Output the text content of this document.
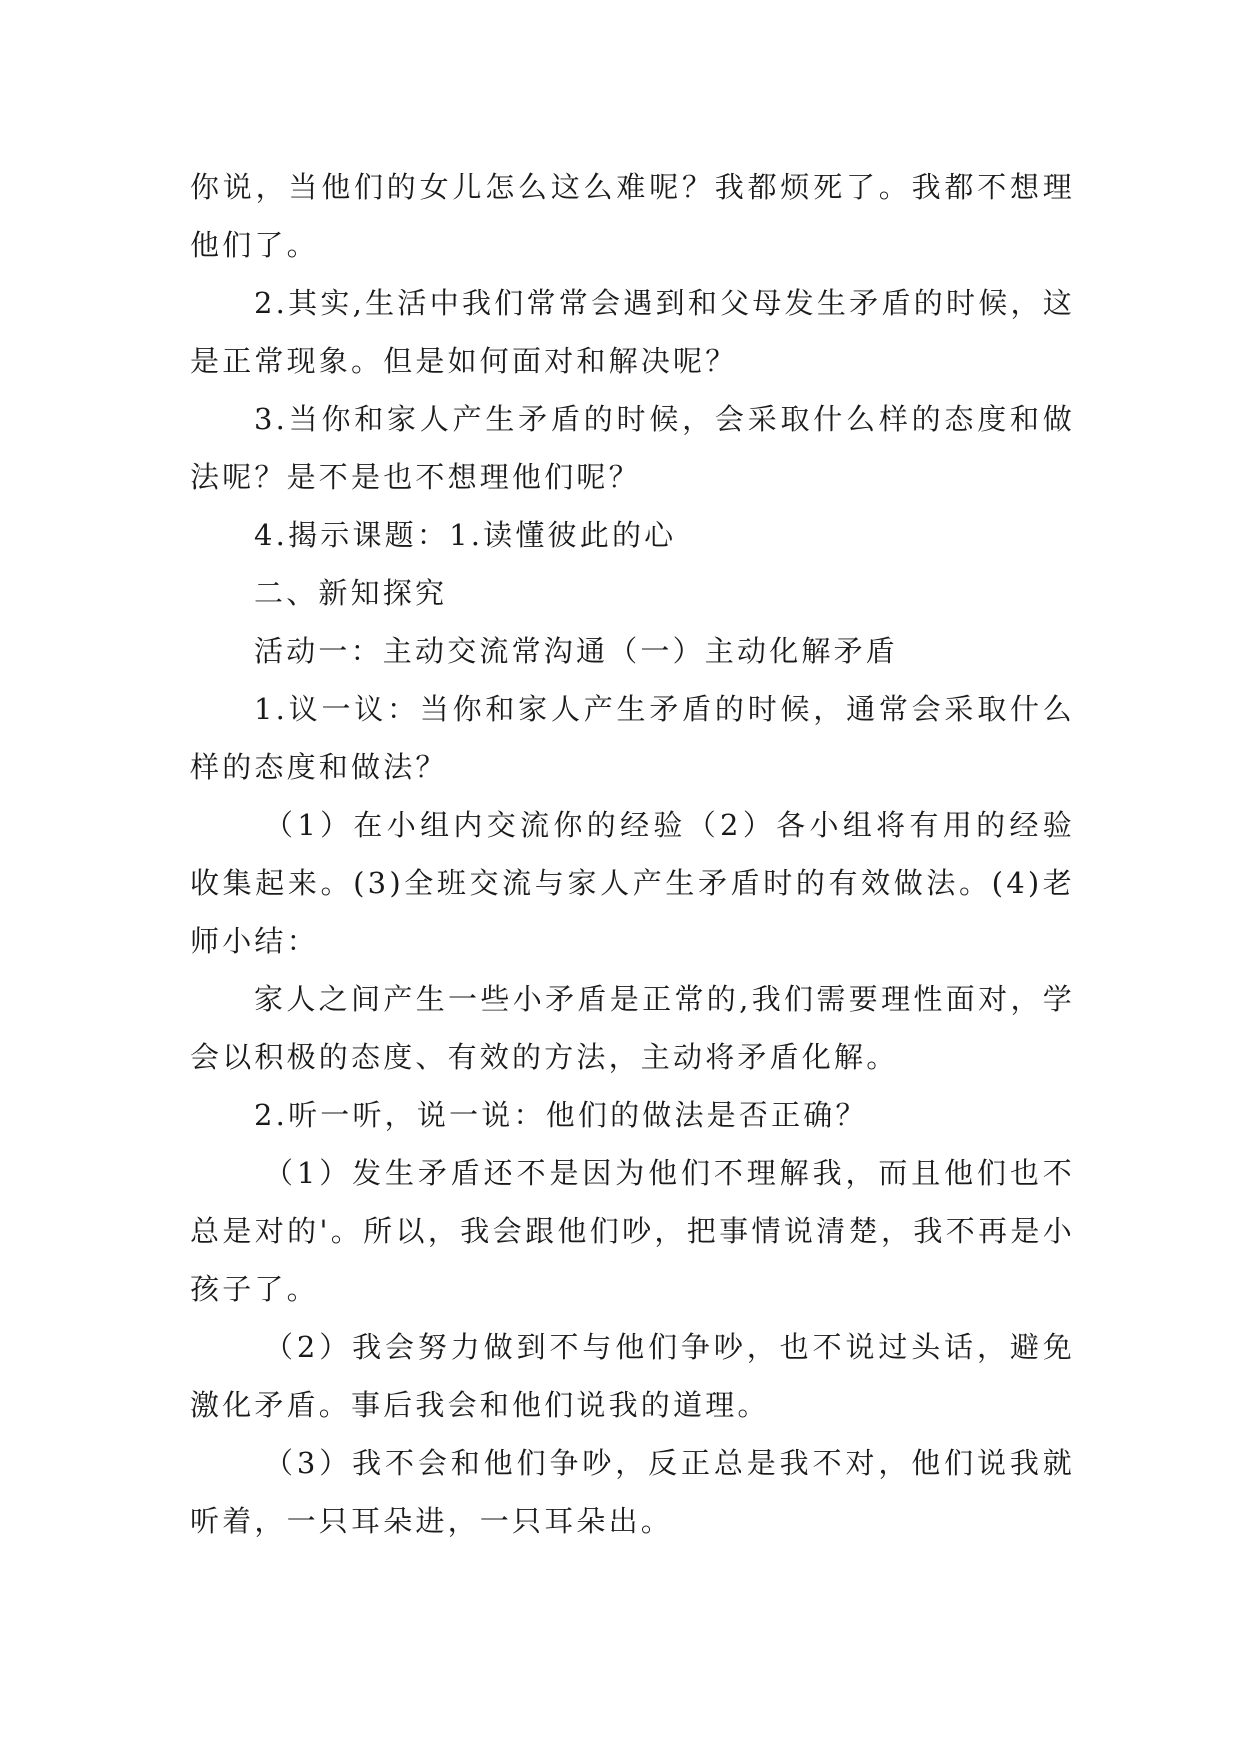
你说，当他们的女儿怎么这么难呢？我都烦死了。我都不想理他们了。

2.其实,生活中我们常常会遇到和父母发生矛盾的时候，这是正常现象。但是如何面对和解决呢？

3.当你和家人产生矛盾的时候，会采取什么样的态度和做法呢？是不是也不想理他们呢？

4.揭示课题：1.读懂彼此的心

二、新知探究

活动一：主动交流常沟通（一）主动化解矛盾

1.议一议：当你和家人产生矛盾的时候，通常会采取什么样的态度和做法？

（1）在小组内交流你的经验（2）各小组将有用的经验收集起来。(3)全班交流与家人产生矛盾时的有效做法。(4)老师小结：

家人之间产生一些小矛盾是正常的,我们需要理性面对，学会以积极的态度、有效的方法，主动将矛盾化解。

2.听一听，说一说：他们的做法是否正确？

（1）发生矛盾还不是因为他们不理解我，而且他们也不总是对的'。所以，我会跟他们吵，把事情说清楚，我不再是小孩子了。

（2）我会努力做到不与他们争吵，也不说过头话，避免激化矛盾。事后我会和他们说我的道理。

（3）我不会和他们争吵，反正总是我不对，他们说我就听着，一只耳朵进，一只耳朵出。
